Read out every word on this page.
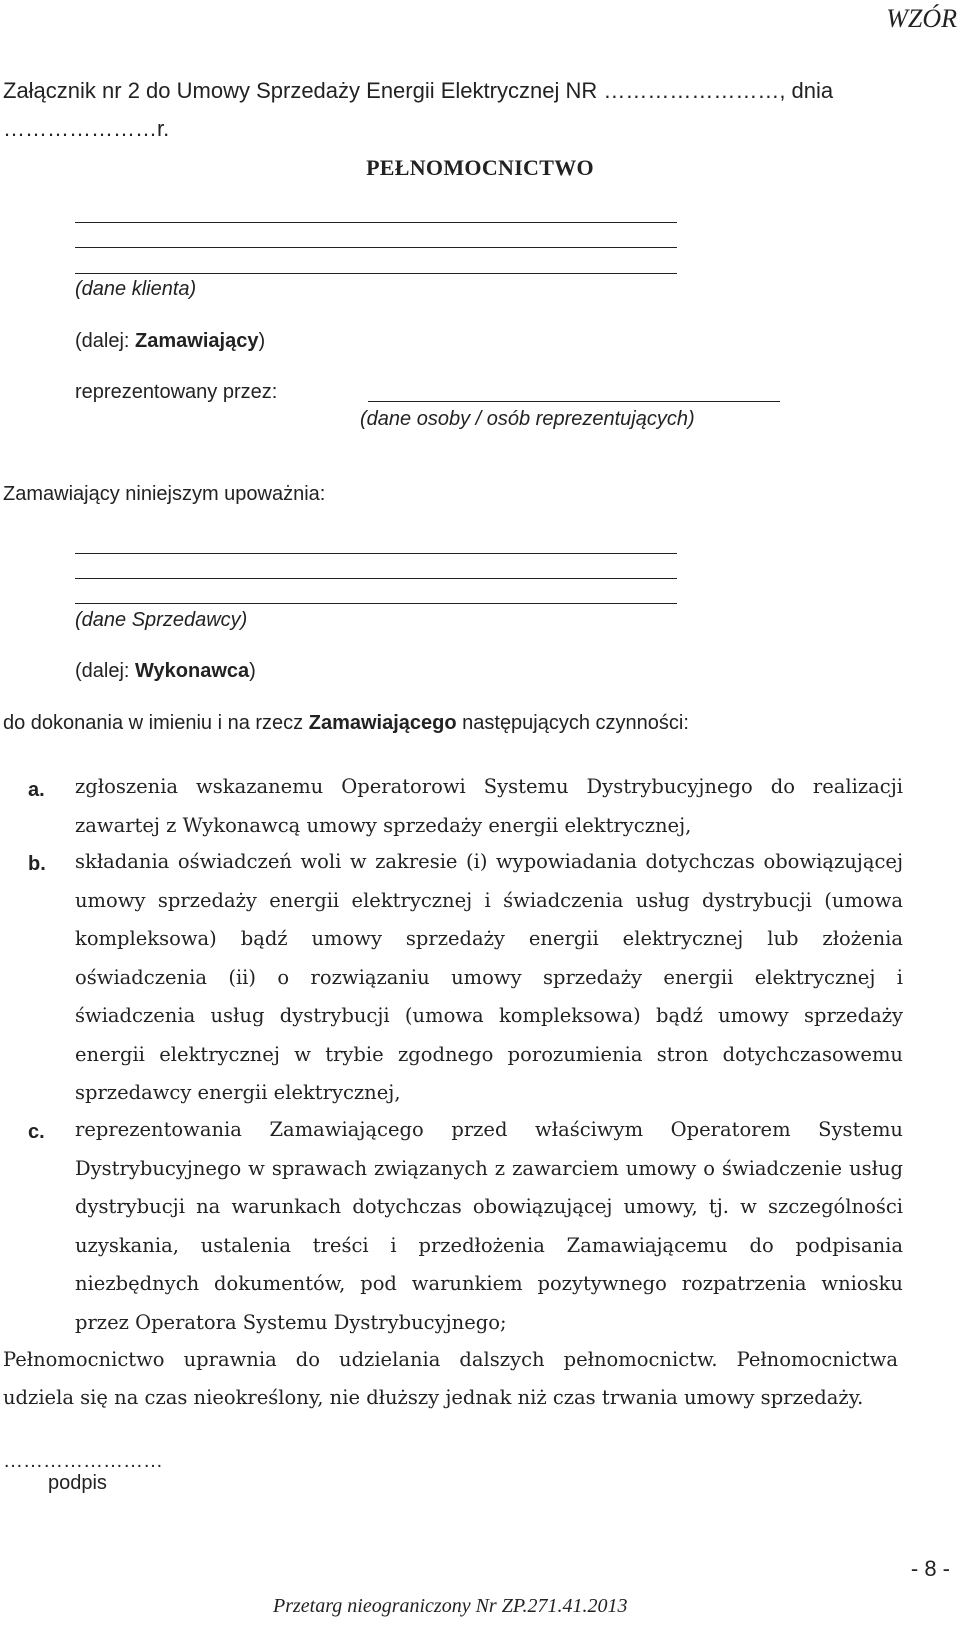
WZÓR
Załącznik nr 2 do Umowy Sprzedaży Energii Elektrycznej NR ……………………, dnia …………………r.
PEŁNOMOCNICTWO
(dane klienta)
(dalej: Zamawiający)
reprezentowany przez:
(dane osoby / osób reprezentujących)
Zamawiający niniejszym upoważnia:
(dane Sprzedawcy)
(dalej: Wykonawca)
do dokonania w imieniu i na rzecz Zamawiającego następujących czynności:
a. zgłoszenia wskazanemu Operatorowi Systemu Dystrybucyjnego do realizacji zawartej z Wykonawcą umowy sprzedaży energii elektrycznej,
b. składania oświadczeń woli w zakresie (i) wypowiadania dotychczas obowiązującej umowy sprzedaży energii elektrycznej i świadczenia usług dystrybucji (umowa kompleksowa) bądź umowy sprzedaży energii elektrycznej lub złożenia oświadczenia (ii) o rozwiązaniu umowy sprzedaży energii elektrycznej i świadczenia usług dystrybucji (umowa kompleksowa) bądź umowy sprzedaży energii elektrycznej w trybie zgodnego porozumienia stron dotychczasowemu sprzedawcy energii elektrycznej,
c. reprezentowania Zamawiającego przed właściwym Operatorem Systemu Dystrybucyjnego w sprawach związanych z zawarciem umowy o świadczenie usług dystrybucji na warunkach dotychczas obowiązującej umowy, tj. w szczególności uzyskania, ustalenia treści i przedłożenia Zamawiającemu do podpisania niezbędnych dokumentów, pod warunkiem pozytywnego rozpatrzenia wniosku przez Operatora Systemu Dystrybucyjnego;
Pełnomocnictwo uprawnia do udzielania dalszych pełnomocnictw. Pełnomocnictwa udziela się na czas nieokreślony, nie dłuższy jednak niż czas trwania umowy sprzedaży.
……………………
podpis
- 8 -
Przetarg nieograniczony Nr ZP.271.41.2013
